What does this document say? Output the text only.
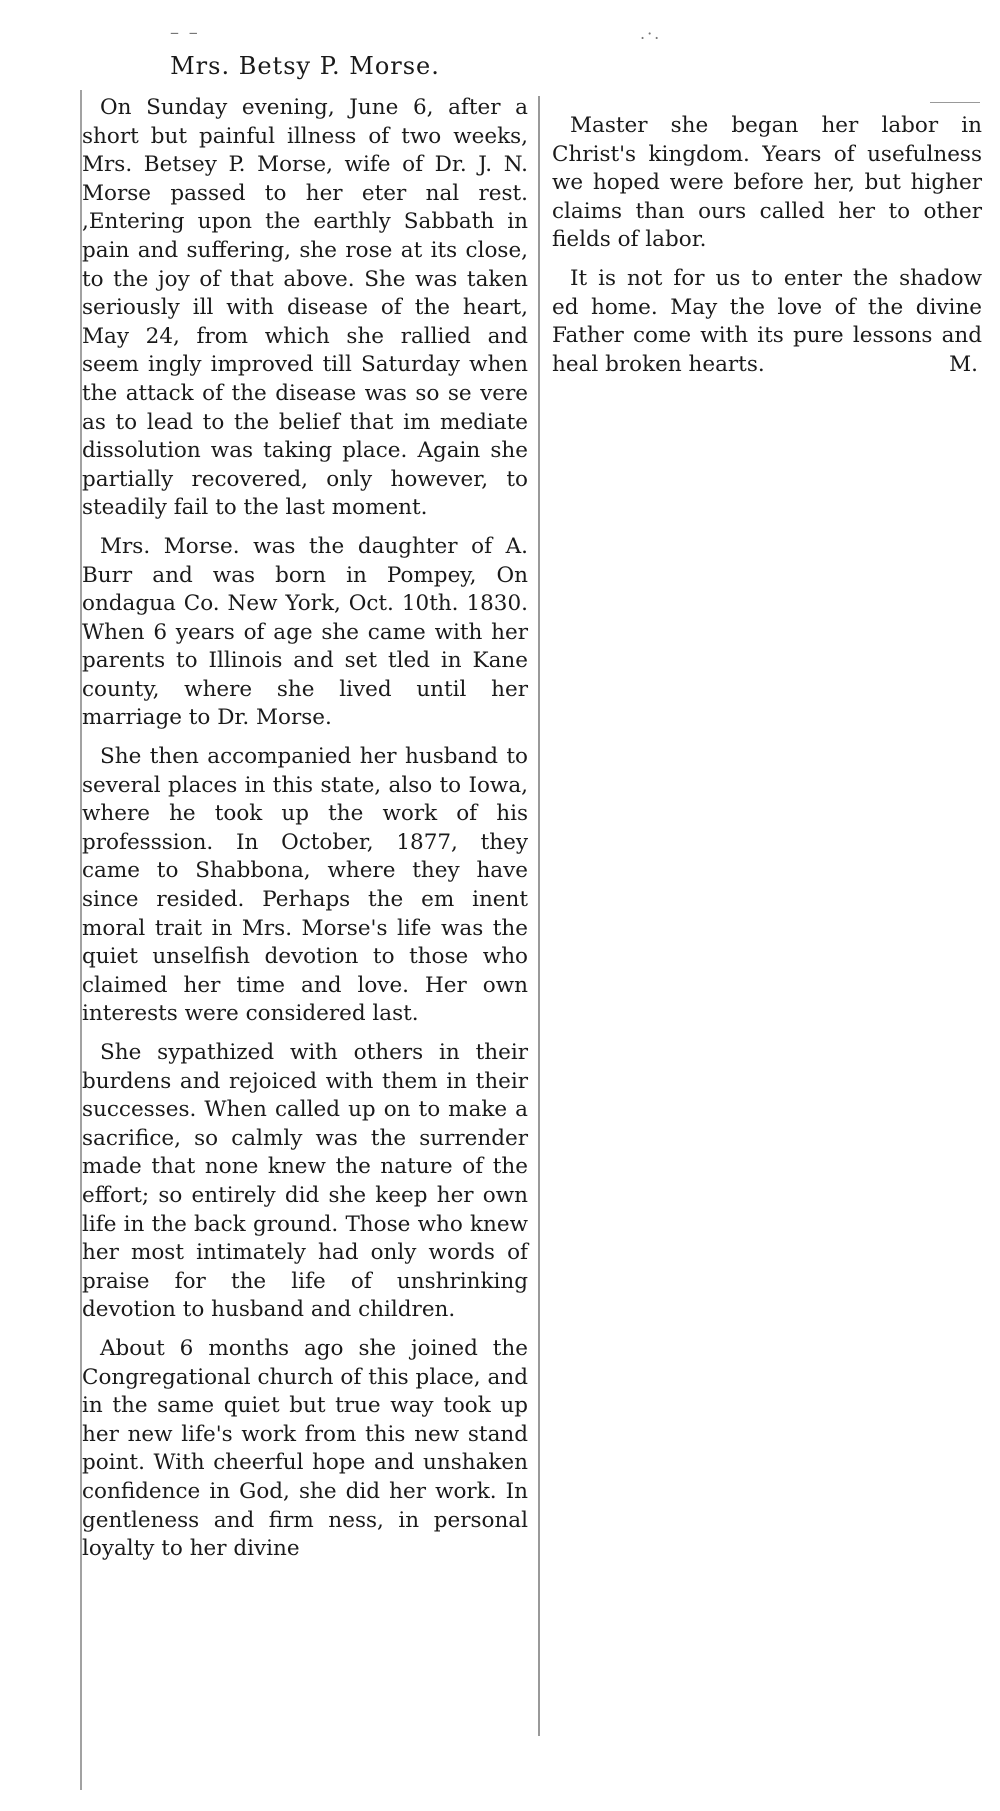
– –	.·.
Mrs. Betsy P. Morse.

On Sunday evening, June 6, after a short but painful illness of two weeks, Mrs. Betsey P. Morse, wife of Dr. J. N. Morse passed to her eter nal rest. ,Entering upon the earthly Sabbath in pain and suffering, she rose at its close, to the joy of that above. She was taken seriously ill with disease of the heart, May 24, from which she rallied and seem ingly improved till Saturday when the attack of the disease was so se vere as to lead to the belief that im mediate dissolution was taking place. Again she partially recovered, only however, to steadily fail to the last moment.

Mrs. Morse. was the daughter of A. Burr and was born in Pompey, On ondagua Co. New York, Oct. 10th. 1830. When 6 years of age she came with her parents to Illinois and set tled in Kane county, where she lived until her marriage to Dr. Morse.

She then accompanied her husband to several places in this state, also to Iowa, where he took up the work of his professsion. In October, 1877, they came to Shabbona, where they have since resided. Perhaps the em inent moral trait in Mrs. Morse's life was the quiet unselfish devotion to those who claimed her time and love. Her own interests were considered last.

She sypathized with others in their burdens and rejoiced with them in their successes. When called up on to make a sacrifice, so calmly was the surrender made that none knew the nature of the effort; so entirely did she keep her own life in the back ground. Those who knew her most intimately had only words of praise for the life of unshrinking devotion to husband and children.

About 6 months ago she joined the Congregational church of this place, and in the same quiet but true way took up her new life's work from this new stand point. With cheerful hope and unshaken confidence in God, she did her work. In gentleness and firm ness, in personal loyalty to her divine

Master she began her labor in Christ's kingdom. Years of usefulness we hoped were before her, but higher claims than ours called her to other fields of labor.

It is not for us to enter the shadow ed home. May the love of the divine Father come with its pure lessons and heal broken hearts.	M.
